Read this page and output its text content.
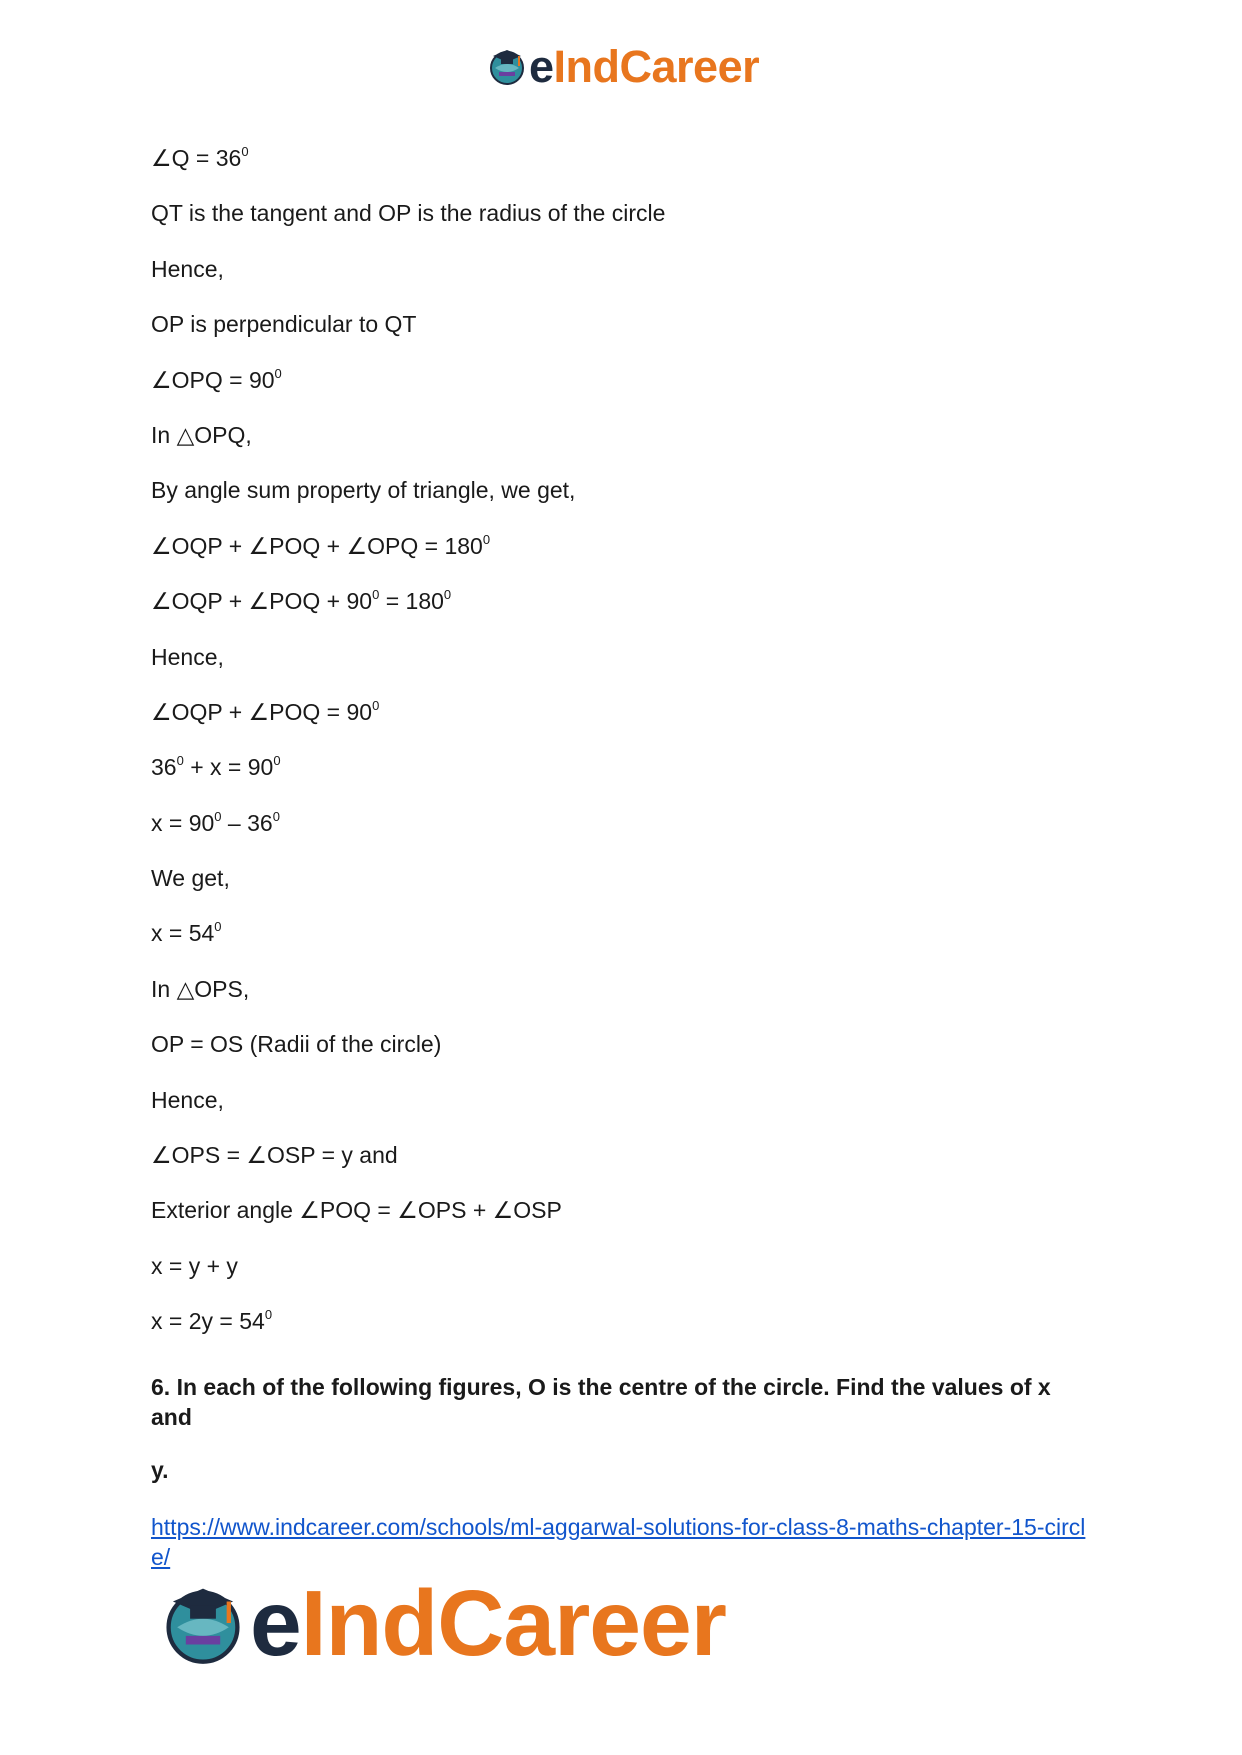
eIndCareer
∠Q = $36^0$
QT is the tangent and OP is the radius of the circle
Hence,
OP is perpendicular to QT
∠OPQ = $90^0$
In △OPQ,
By angle sum property of triangle, we get,
∠OQP + ∠POQ + ∠OPQ = $180^0$
∠OQP + ∠POQ + $90^0 = 180^0$
Hence,
∠OQP + ∠POQ = $90^0$
$36^0 + x = 90^0$
$x = 90^0 - 36^0$
We get,
$x = 54^0$
In △OPS,
OP = OS (Radii of the circle)
Hence,
∠OPS = ∠OSP = y and
Exterior angle ∠POQ = ∠OPS + ∠OSP
x = y + y
$x = 2y = 54^0$
6. In each of the following figures, O is the centre of the circle. Find the values of x and
y.
https://www.indcareer.com/schools/ml-aggarwal-solutions-for-class-8-maths-chapter-15-circle/
eIndCareer
